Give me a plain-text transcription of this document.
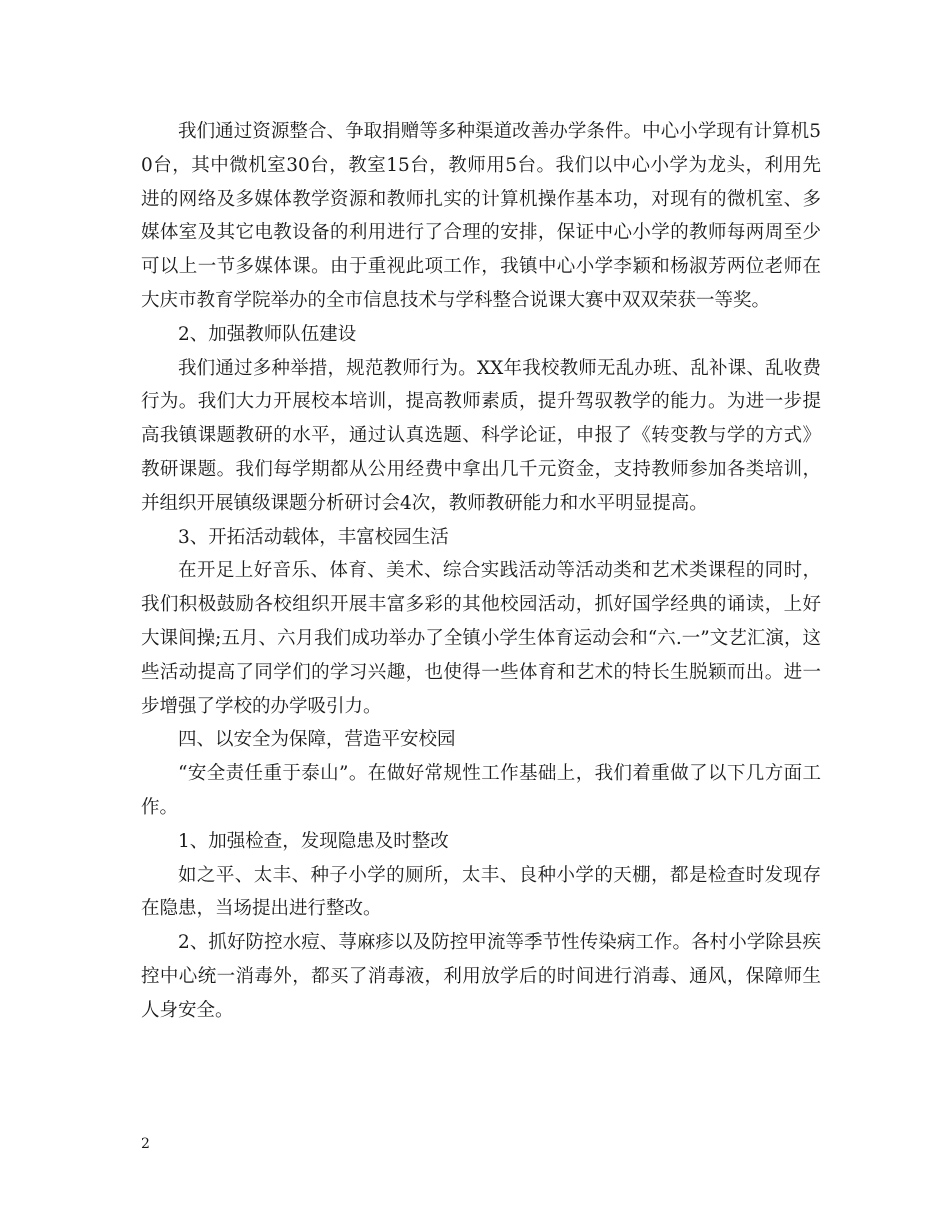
我们通过资源整合、争取捐赠等多种渠道改善办学条件。中心小学现有计算机50台，其中微机室30台，教室15台，教师用5台。我们以中心小学为龙头，利用先进的网络及多媒体教学资源和教师扎实的计算机操作基本功，对现有的微机室、多媒体室及其它电教设备的利用进行了合理的安排，保证中心小学的教师每两周至少可以上一节多媒体课。由于重视此项工作，我镇中心小学李颖和杨淑芳两位老师在大庆市教育学院举办的全市信息技术与学科整合说课大赛中双双荣获一等奖。

2、加强教师队伍建设

我们通过多种举措，规范教师行为。XX年我校教师无乱办班、乱补课、乱收费行为。我们大力开展校本培训，提高教师素质，提升驾驭教学的能力。为进一步提高我镇课题教研的水平，通过认真选题、科学论证，申报了《转变教与学的方式》教研课题。我们每学期都从公用经费中拿出几千元资金，支持教师参加各类培训，并组织开展镇级课题分析研讨会4次，教师教研能力和水平明显提高。

3、开拓活动载体，丰富校园生活

在开足上好音乐、体育、美术、综合实践活动等活动类和艺术类课程的同时，我们积极鼓励各校组织开展丰富多彩的其他校园活动，抓好国学经典的诵读，上好大课间操;五月、六月我们成功举办了全镇小学生体育运动会和“六.一”文艺汇演，这些活动提高了同学们的学习兴趣，也使得一些体育和艺术的特长生脱颖而出。进一步增强了学校的办学吸引力。

四、以安全为保障，营造平安校园

“安全责任重于泰山”。在做好常规性工作基础上，我们着重做了以下几方面工作。

1、加强检查，发现隐患及时整改

如之平、太丰、种子小学的厕所，太丰、良种小学的天棚，都是检查时发现存在隐患，当场提出进行整改。

2、抓好防控水痘、荨麻疹以及防控甲流等季节性传染病工作。各村小学除县疾控中心统一消毒外，都买了消毒液，利用放学后的时间进行消毒、通风，保障师生人身安全。

2
